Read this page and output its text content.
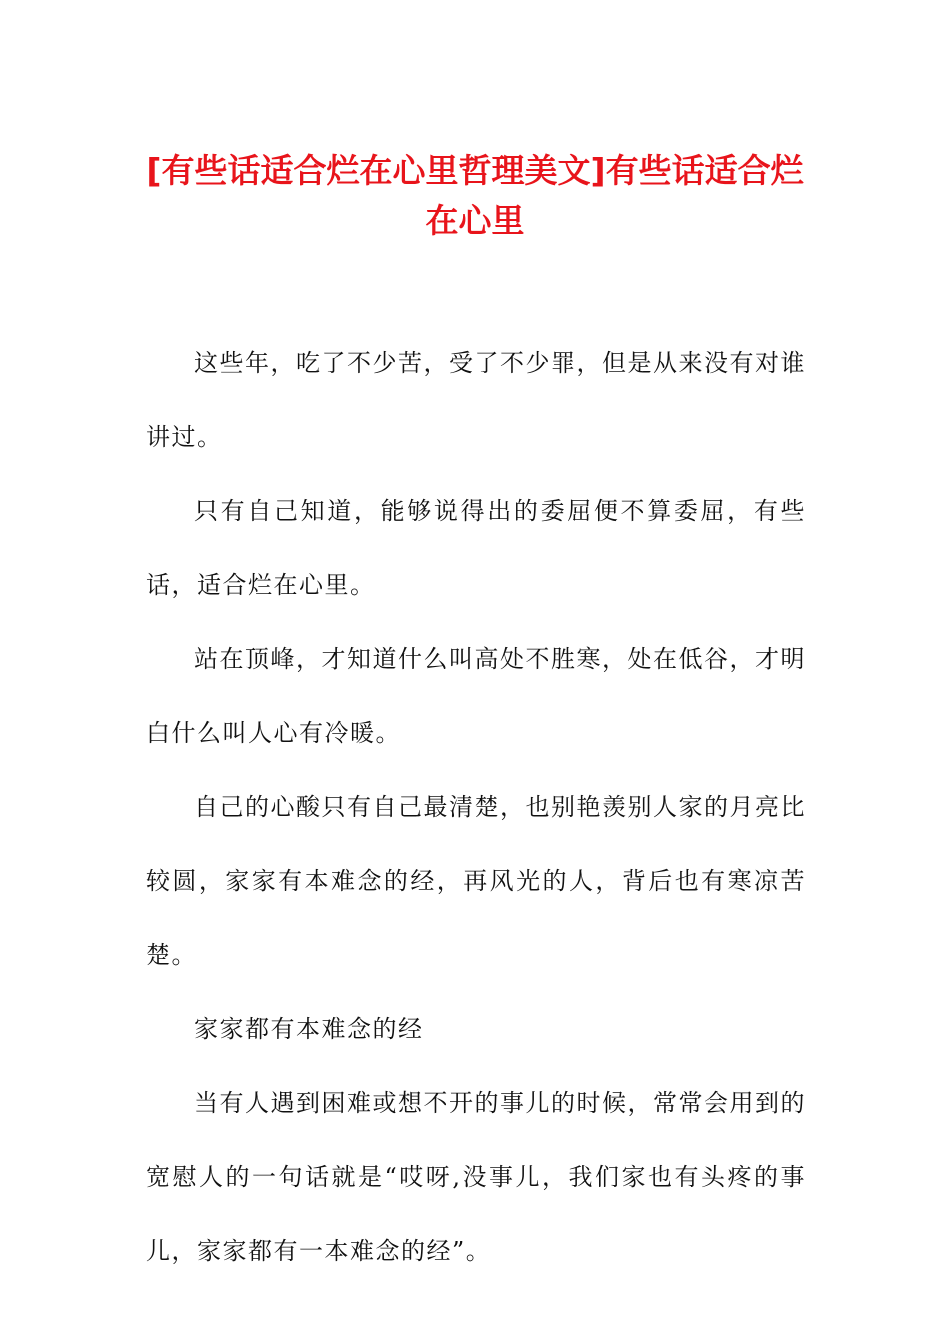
[有些话适合烂在心里哲理美文]有些话适合烂在心里

这些年，吃了不少苦，受了不少罪，但是从来没有对谁讲过。

只有自己知道，能够说得出的委屈便不算委屈，有些话，适合烂在心里。

站在顶峰，才知道什么叫高处不胜寒，处在低谷，才明白什么叫人心有冷暖。

自己的心酸只有自己最清楚，也别艳羡别人家的月亮比较圆，家家有本难念的经，再风光的人，背后也有寒凉苦楚。

家家都有本难念的经

当有人遇到困难或想不开的事儿的时候，常常会用到的宽慰人的一句话就是“哎呀,没事儿，我们家也有头疼的事儿，家家都有一本难念的经”。
